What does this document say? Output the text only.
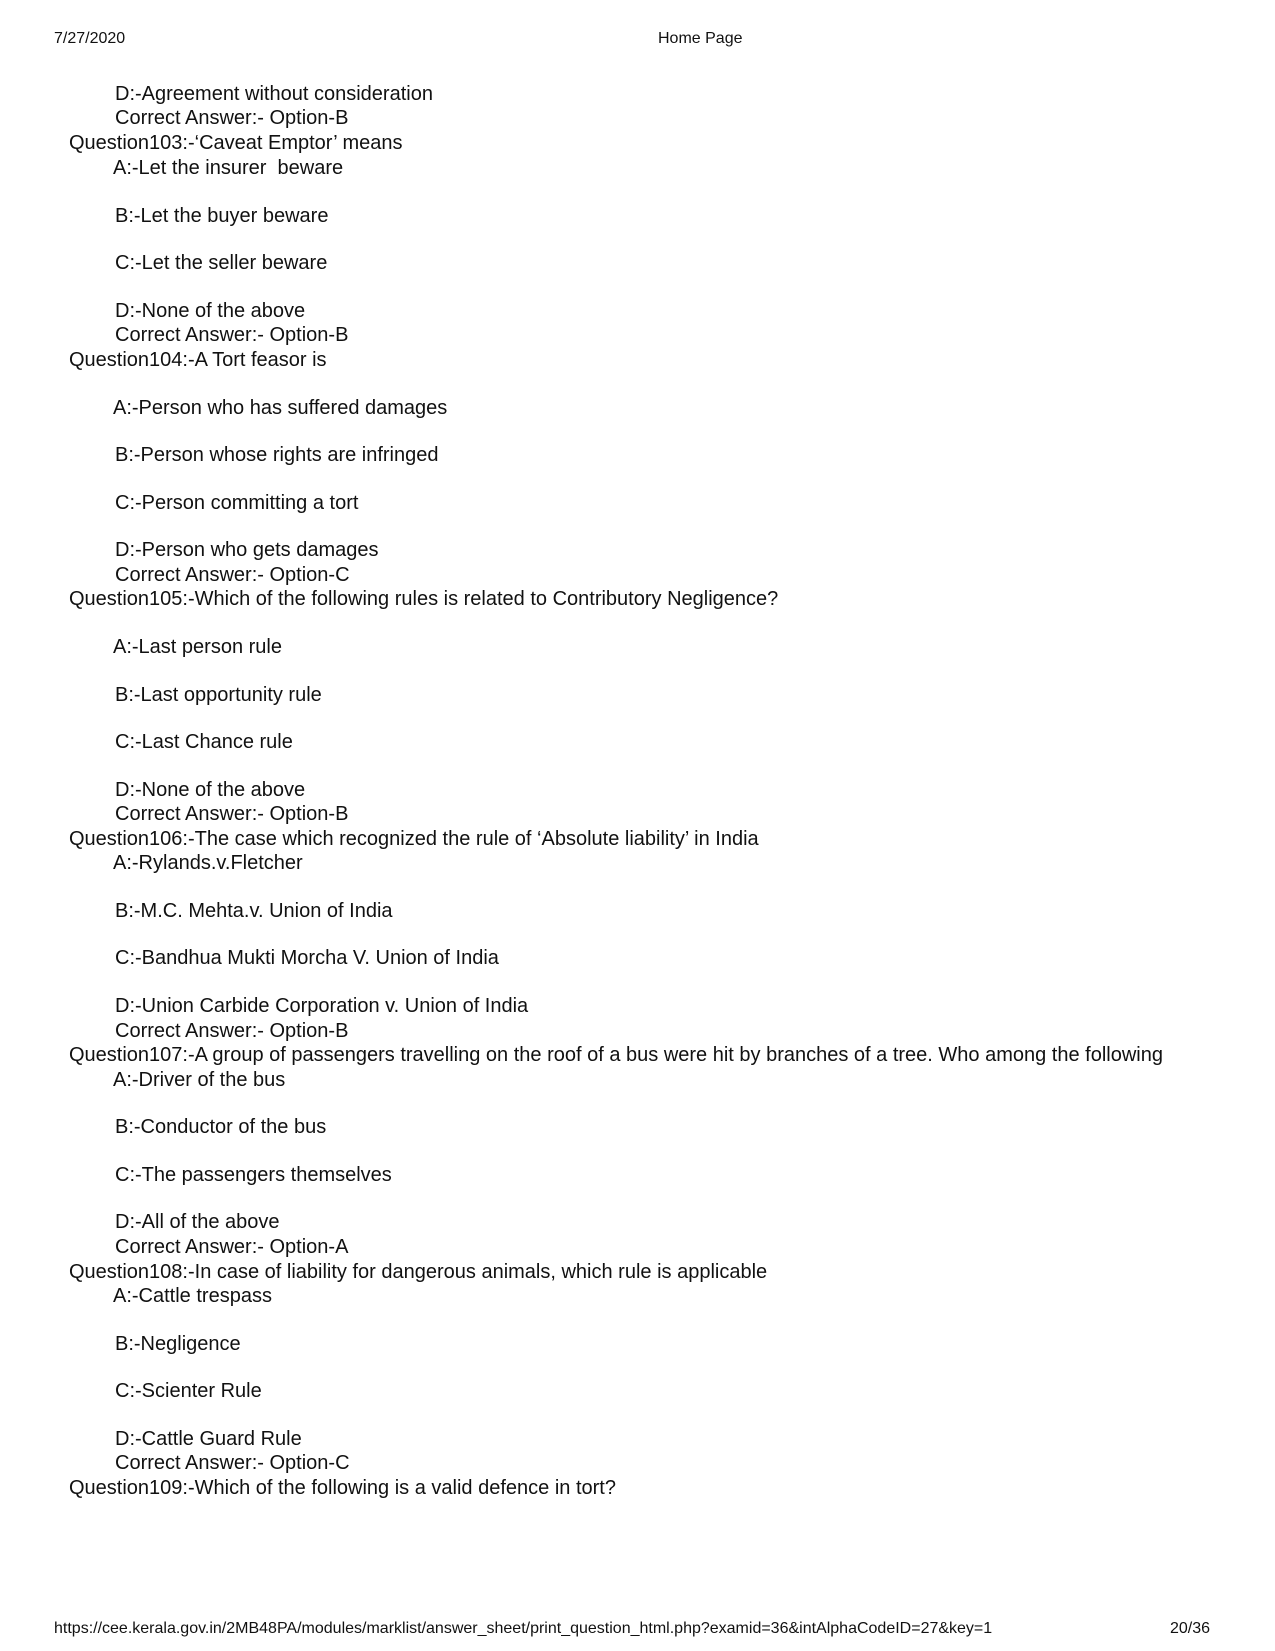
7/27/2020	Home Page
D:-Agreement without consideration
Correct Answer:- Option-B
Question103:-‘Caveat Emptor’ means
A:-Let the insurer  beware
B:-Let the buyer beware
C:-Let the seller beware
D:-None of the above
Correct Answer:- Option-B
Question104:-A Tort feasor is
A:-Person who has suffered damages
B:-Person whose rights are infringed
C:-Person committing a tort
D:-Person who gets damages
Correct Answer:- Option-C
Question105:-Which of the following rules is related to Contributory Negligence?
A:-Last person rule
B:-Last opportunity rule
C:-Last Chance rule
D:-None of the above
Correct Answer:- Option-B
Question106:-The case which recognized the rule of ‘Absolute liability’ in India
A:-Rylands.v.Fletcher
B:-M.C. Mehta.v. Union of India
C:-Bandhua Mukti Morcha V. Union of India
D:-Union Carbide Corporation v. Union of India
Correct Answer:- Option-B
Question107:-A group of passengers travelling on the roof of a bus were hit by branches of a tree. Who among the following
A:-Driver of the bus
B:-Conductor of the bus
C:-The passengers themselves
D:-All of the above
Correct Answer:- Option-A
Question108:-In case of liability for dangerous animals, which rule is applicable
A:-Cattle trespass
B:-Negligence
C:-Scienter Rule
D:-Cattle Guard Rule
Correct Answer:- Option-C
Question109:-Which of the following is a valid defence in tort?
https://cee.kerala.gov.in/2MB48PA/modules/marklist/answer_sheet/print_question_html.php?examid=36&intAlphaCodeID=27&key=1	20/36
